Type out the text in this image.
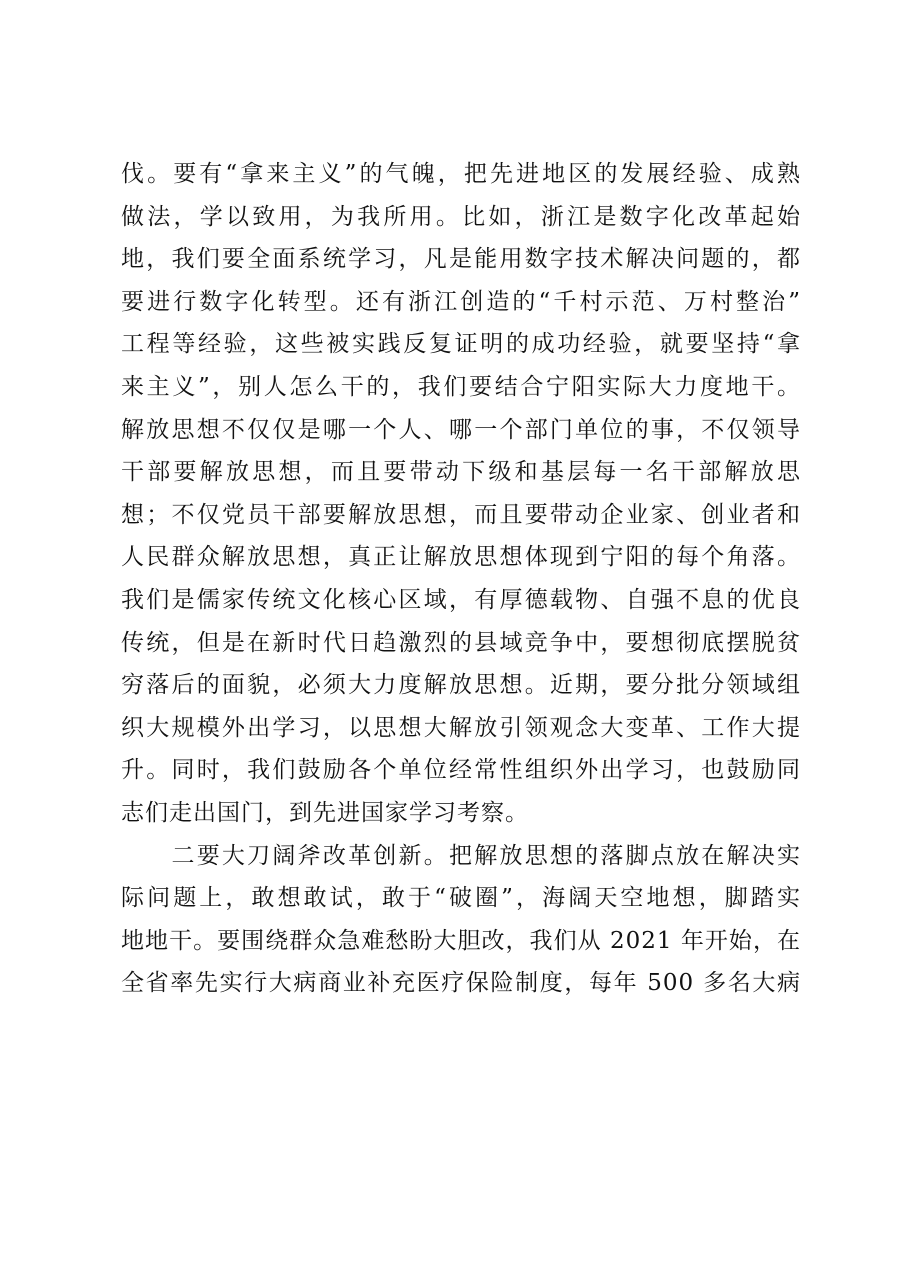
伐。要有“拿来主义”的气魄，把先进地区的发展经验、成熟
做法，学以致用，为我所用。比如，浙江是数字化改革起始
地，我们要全面系统学习，凡是能用数字技术解决问题的，都
要进行数字化转型。还有浙江创造的“千村示范、万村整治”
工程等经验，这些被实践反复证明的成功经验，就要坚持“拿
来主义”，别人怎么干的，我们要结合宁阳实际大力度地干。
解放思想不仅仅是哪一个人、哪一个部门单位的事，不仅领导
干部要解放思想，而且要带动下级和基层每一名干部解放思
想；不仅党员干部要解放思想，而且要带动企业家、创业者和
人民群众解放思想，真正让解放思想体现到宁阳的每个角落。
我们是儒家传统文化核心区域，有厚德载物、自强不息的优良
传统，但是在新时代日趋激烈的县域竞争中，要想彻底摆脱贫
穷落后的面貌，必须大力度解放思想。近期，要分批分领域组
织大规模外出学习，以思想大解放引领观念大变革、工作大提
升。同时，我们鼓励各个单位经常性组织外出学习，也鼓励同
志们走出国门，到先进国家学习考察。
　　二要大刀阔斧改革创新。把解放思想的落脚点放在解决实
际问题上，敢想敢试，敢于“破圈”，海阔天空地想，脚踏实
地地干。要围绕群众急难愁盼大胆改，我们从 2021 年开始，在
全省率先实行大病商业补充医疗保险制度，每年 500 多名大病
